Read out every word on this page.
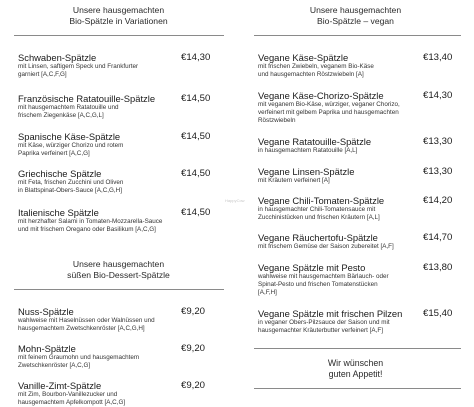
Unsere hausgemachten
Bio-Spätzle in Variationen
Schwaben-Spätzle	€14,30
mit Linsen, saftigem Speck und Frankfurter
garniert [A,C,F,G]
Französische Ratatouille-Spätzle	€14,50
mit hausgemachtem Ratatouille und
frischem Ziegenkäse [A,C,G,L]
Spanische Käse-Spätzle	€14,50
mit Käse, würziger Chorizo und rotem
Paprika verfeinert [A,C,G]
Griechische Spätzle	€14,50
mit Feta, frischen Zucchini und Oliven
in Blattspinat-Obers-Sauce [A,C,G,H]
Italienische Spätzle	€14,50
mit herzhafter Salami in Tomaten-Mozzarella-Sauce
und mit frischem Oregano oder Basilikum [A,C,G]
Unsere hausgemachten
süßen Bio-Dessert-Spätzle
Nuss-Spätzle	€9,20
wahlweise mit Haselnüssen oder Walnüssen und
hausgemachtem Zwetschkenröster [A,C,G,H]
Mohn-Spätzle	€9,20
mit feinem Graumohn und hausgemachtem
Zwetschkenröster [A,C,G]
Vanille-Zimt-Spätzle	€9,20
mit Zim, Bourbon-Vanillezucker und
hausgemachtem Apfelkompott [A,C,G]
Unsere hausgemachten
Bio-Spätzle – vegan
Vegane Käse-Spätzle	€13,40
mit frischen Zwiebeln, veganem Bio-Käse
und hausgemachten Röstzwiebeln [A]
Vegane Käse-Chorizo-Spätzle	€14,30
mit veganem Bio-Käse, würziger, veganer Chorizo,
verfeinert mit gelbem Paprika und hausgemachten
Röstzwiebeln
Vegane Ratatouille-Spätzle	€13,30
in hausgemachtem Ratatouille [A,L]
Vegane Linsen-Spätzle	€13,30
mit Kräutern verfeinert [A]
Vegane Chili-Tomaten-Spätzle	€14,20
in hausgemachter Chili-Tomatensauce mit
Zucchinistücken und frischen Kräutern [A,L]
Vegane Räuchertofu-Spätzle	€14,70
mit frischem Gemüse der Saison zubereitet [A,F]
Vegane Spätzle mit Pesto	€13,80
wahlweise mit hausgemachtem Bärlauch- oder
Spinat-Pesto und frischen Tomatenstücken
[A,F,H]
Vegane Spätzle mit frischen Pilzen	€15,40
in veganer Obers-Pilzsauce der Saison und mit
hausgemachter Kräuterbutter verfeinert [A,F]
Wir wünschen
guten Appetit!
HappyCow
